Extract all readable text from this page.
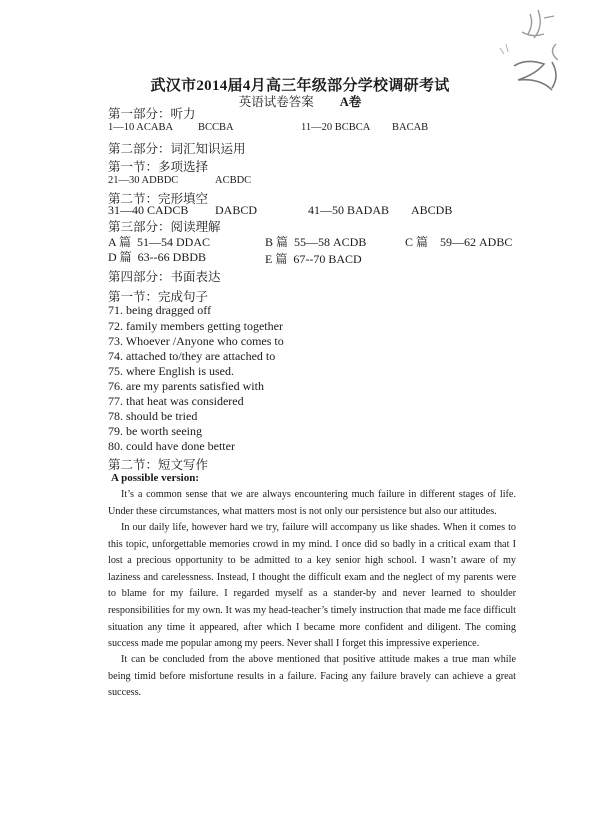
武汉市2014届4月高三年级部分学校调研考试
英语试卷答案 A卷
第一部分：听力
1—10 ACABA BCCBA	11—20 BCBCA BACAB
第二部分：词汇知识运用
第一节：多项选择
21—30 ADBDC	ACBDC
第二节：完形填空
31—40 CADCB DABCD	41—50 BADAB ABCDB
第三部分：阅读理解
A 篇 51—54 DDAC	B 篇 55—58 ACDB	C 篇 59—62 ADBC
D 篇 63--66 DBDB	E 篇 67--70 BACD
第四部分：书面表达
第一节：完成句子
71. being dragged off
72. family members getting together
73. Whoever /Anyone who comes to
74. attached to/they are attached to
75. where English is used.
76. are my parents satisfied with
77. that heat was considered
78. should be tried
79. be worth seeing
80. could have done better
第二节：短文写作
A possible version:

It’s a common sense that we are always encountering much failure in different stages of life. Under these circumstances, what matters most is not only our persistence but also our attitudes.

In our daily life, however hard we try, failure will accompany us like shades. When it comes to this topic, unforgettable memories crowd in my mind. I once did so badly in a critical exam that I lost a precious opportunity to be admitted to a key senior high school. I wasn’t aware of my laziness and carelessness. Instead, I thought the difficult exam and the neglect of my parents were to blame for my failure. I regarded myself as a stander-by and never learned to shoulder responsibilities for my own. It was my head-teacher’s timely instruction that made me face difficult situation any time it appeared, after which I became more confident and diligent. The coming success made me popular among my peers. Never shall I forget this impressive experience.

It can be concluded from the above mentioned that positive attitude makes a true man while being timid before misfortune results in a failure. Facing any failure bravely can achieve a great success.
